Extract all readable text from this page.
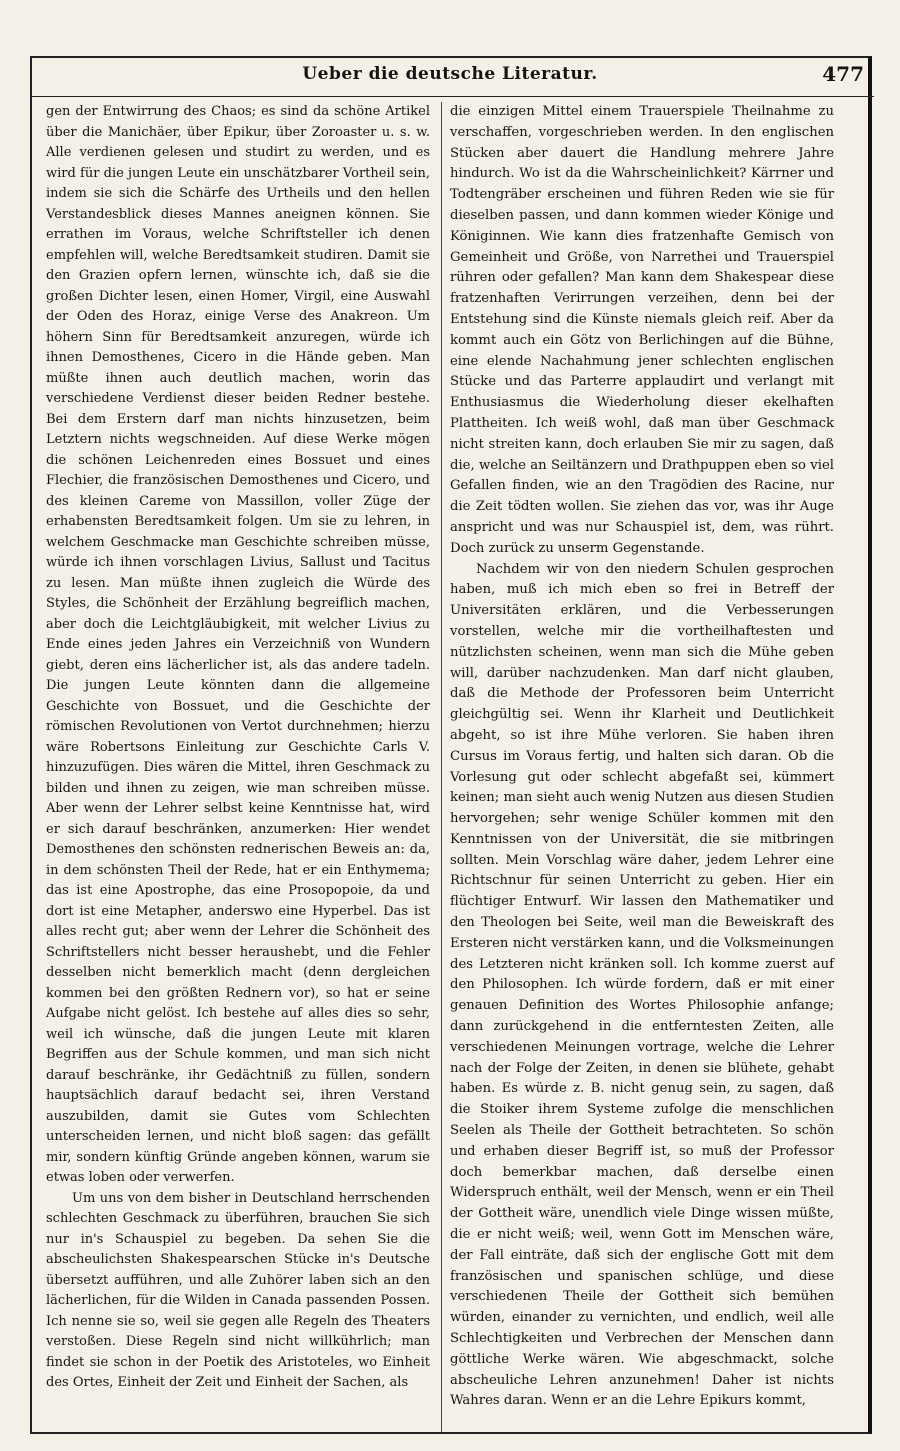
Ueber die deutsche Literatur.	477

gen der Entwirrung des Chaos; es sind da schöne Artikel über die Manichäer, über Epikur, über Zoroaster u. s. w. Alle verdienen gelesen und studirt zu werden, und es wird für die jungen Leute ein unschätzbarer Vortheil sein, indem sie sich die Schärfe des Urtheils und den hellen Verstandesblick dieses Mannes aneignen können. Sie errathen im Voraus, welche Schriftsteller ich denen empfehlen will, welche Beredtsamkeit studiren. Damit sie den Grazien opfern lernen, wünschte ich, daß sie die großen Dichter lesen, einen Homer, Virgil, eine Auswahl der Oden des Horaz, einige Verse des Anakreon. Um höhern Sinn für Beredtsamkeit anzuregen, würde ich ihnen Demosthenes, Cicero in die Hände geben. Man müßte ihnen auch deutlich machen, worin das verschiedene Verdienst dieser beiden Redner bestehe. Bei dem Erstern darf man nichts hinzusetzen, beim Letztern nichts wegschneiden. Auf diese Werke mögen die schönen Leichenreden eines Bossuet und eines Flechier, die französischen Demosthenes und Cicero, und des kleinen Careme von Massillon, voller Züge der erhabensten Beredtsamkeit folgen. Um sie zu lehren, in welchem Geschmacke man Geschichte schreiben müsse, würde ich ihnen vorschlagen Livius, Sallust und Tacitus zu lesen. Man müßte ihnen zugleich die Würde des Styles, die Schönheit der Erzählung begreiflich machen, aber doch die Leichtgläubigkeit, mit welcher Livius zu Ende eines jeden Jahres ein Verzeichniß von Wundern giebt, deren eins lächerlicher ist, als das andere tadeln. Die jungen Leute könnten dann die allgemeine Geschichte von Bossuet, und die Geschichte der römischen Revolutionen von Vertot durchnehmen; hierzu wäre Robertsons Einleitung zur Geschichte Carls V. hinzuzufügen. Dies wären die Mittel, ihren Geschmack zu bilden und ihnen zu zeigen, wie man schreiben müsse. Aber wenn der Lehrer selbst keine Kenntnisse hat, wird er sich darauf beschränken, anzumerken: Hier wendet Demosthenes den schönsten rednerischen Beweis an: da, in dem schönsten Theil der Rede, hat er ein Enthymema; das ist eine Apostrophe, das eine Prosopopoie, da und dort ist eine Metapher, anderswo eine Hyperbel. Das ist alles recht gut; aber wenn der Lehrer die Schönheit des Schriftstellers nicht besser heraushebt, und die Fehler desselben nicht bemerklich macht (denn dergleichen kommen bei den größten Rednern vor), so hat er seine Aufgabe nicht gelöst. Ich bestehe auf alles dies so sehr, weil ich wünsche, daß die jungen Leute mit klaren Begriffen aus der Schule kommen, und man sich nicht darauf beschränke, ihr Gedächtniß zu füllen, sondern hauptsächlich darauf bedacht sei, ihren Verstand auszubilden, damit sie Gutes vom Schlechten unterscheiden lernen, und nicht bloß sagen: das gefällt mir, sondern künftig Gründe angeben können, warum sie etwas loben oder verwerfen.

Um uns von dem bisher in Deutschland herrschenden schlechten Geschmack zu überführen, brauchen Sie sich nur in's Schauspiel zu begeben. Da sehen Sie die abscheulichsten Shakespearschen Stücke in's Deutsche übersetzt aufführen, und alle Zuhörer laben sich an den lächerlichen, für die Wilden in Canada passenden Possen. Ich nenne sie so, weil sie gegen alle Regeln des Theaters verstoßen. Diese Regeln sind nicht willkührlich; man findet sie schon in der Poetik des Aristoteles, wo Einheit des Ortes, Einheit der Zeit und Einheit der Sachen, als

die einzigen Mittel einem Trauerspiele Theilnahme zu verschaffen, vorgeschrieben werden. In den englischen Stücken aber dauert die Handlung mehrere Jahre hindurch. Wo ist da die Wahrscheinlichkeit? Kärrner und Todtengräber erscheinen und führen Reden wie sie für dieselben passen, und dann kommen wieder Könige und Königinnen. Wie kann dies fratzenhafte Gemisch von Gemeinheit und Größe, von Narrethei und Trauerspiel rühren oder gefallen? Man kann dem Shakespear diese fratzenhaften Verirrungen verzeihen, denn bei der Entstehung sind die Künste niemals gleich reif. Aber da kommt auch ein Götz von Berlichingen auf die Bühne, eine elende Nachahmung jener schlechten englischen Stücke und das Parterre applaudirt und verlangt mit Enthusiasmus die Wiederholung dieser ekelhaften Plattheiten. Ich weiß wohl, daß man über Geschmack nicht streiten kann, doch erlauben Sie mir zu sagen, daß die, welche an Seiltänzern und Drathpuppen eben so viel Gefallen finden, wie an den Tragödien des Racine, nur die Zeit tödten wollen. Sie ziehen das vor, was ihr Auge anspricht und was nur Schauspiel ist, dem, was rührt. Doch zurück zu unserm Gegenstande.

Nachdem wir von den niedern Schulen gesprochen haben, muß ich mich eben so frei in Betreff der Universitäten erklären, und die Verbesserungen vorstellen, welche mir die vortheilhaftesten und nützlichsten scheinen, wenn man sich die Mühe geben will, darüber nachzudenken. Man darf nicht glauben, daß die Methode der Professoren beim Unterricht gleichgültig sei. Wenn ihr Klarheit und Deutlichkeit abgeht, so ist ihre Mühe verloren. Sie haben ihren Cursus im Voraus fertig, und halten sich daran. Ob die Vorlesung gut oder schlecht abgefaßt sei, kümmert keinen; man sieht auch wenig Nutzen aus diesen Studien hervorgehen; sehr wenige Schüler kommen mit den Kenntnissen von der Universität, die sie mitbringen sollten. Mein Vorschlag wäre daher, jedem Lehrer eine Richtschnur für seinen Unterricht zu geben. Hier ein flüchtiger Entwurf. Wir lassen den Mathematiker und den Theologen bei Seite, weil man die Beweiskraft des Ersteren nicht verstärken kann, und die Volksmeinungen des Letzteren nicht kränken soll. Ich komme zuerst auf den Philosophen. Ich würde fordern, daß er mit einer genauen Definition des Wortes Philosophie anfange; dann zurückgehend in die entferntesten Zeiten, alle verschiedenen Meinungen vortrage, welche die Lehrer nach der Folge der Zeiten, in denen sie blühete, gehabt haben. Es würde z. B. nicht genug sein, zu sagen, daß die Stoiker ihrem Systeme zufolge die menschlichen Seelen als Theile der Gottheit betrachteten. So schön und erhaben dieser Begriff ist, so muß der Professor doch bemerkbar machen, daß derselbe einen Widerspruch enthält, weil der Mensch, wenn er ein Theil der Gottheit wäre, unendlich viele Dinge wissen müßte, die er nicht weiß; weil, wenn Gott im Menschen wäre, der Fall einträte, daß sich der englische Gott mit dem französischen und spanischen schlüge, und diese verschiedenen Theile der Gottheit sich bemühen würden, einander zu vernichten, und endlich, weil alle Schlechtigkeiten und Verbrechen der Menschen dann göttliche Werke wären. Wie abgeschmackt, solche abscheuliche Lehren anzunehmen! Daher ist nichts Wahres daran. Wenn er an die Lehre Epikurs kommt,
